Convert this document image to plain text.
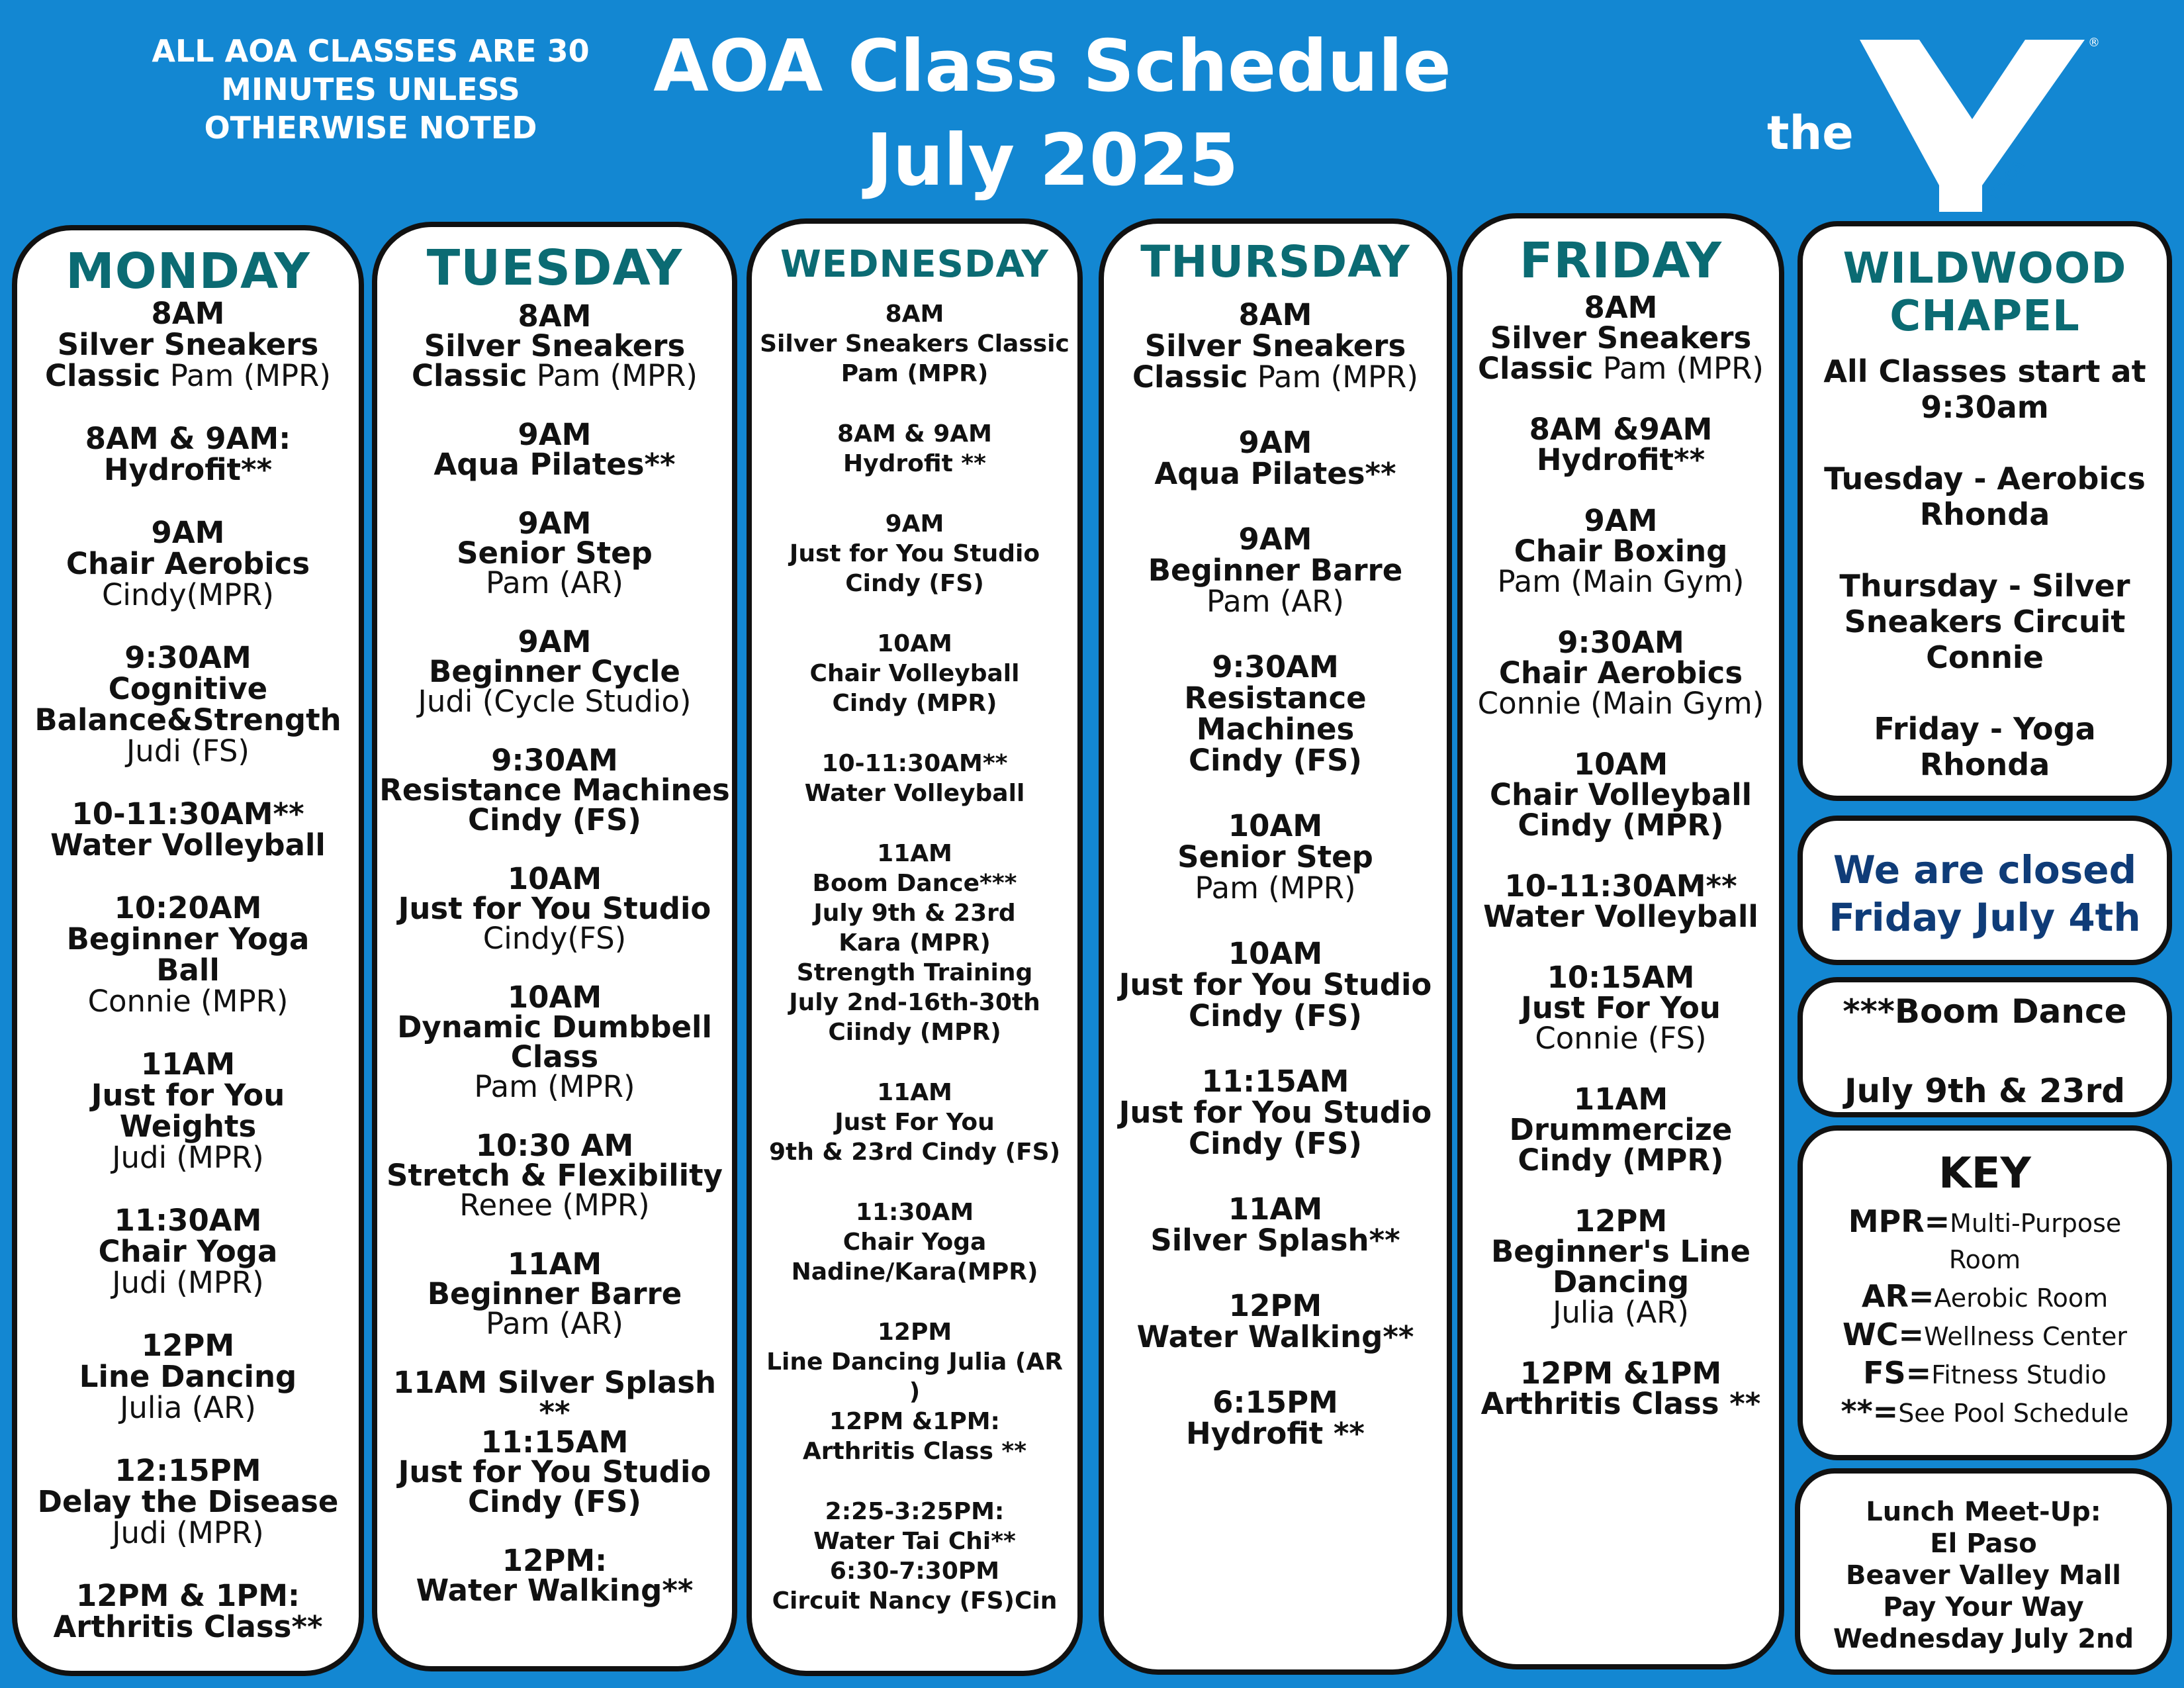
ALL AOA CLASSES ARE 30
MINUTES UNLESS
OTHERWISE NOTED
AOA Class Schedule
July 2025	the
®
YMCA
MONDAY
8AM
Silver Sneakers
Classic Pam (MPR)
8AM & 9AM:
Hydrofit**
9AM
Chair Aerobics
Cindy(MPR)
9:30AM
Cognitive
Balance&Strength
Judi (FS)
10-11:30AM**
Water Volleyball
10:20AM
Beginner Yoga
Ball
Connie (MPR)
11AM
Just for You
Weights
Judi (MPR)
11:30AM
Chair Yoga
Judi (MPR)
12PM
Line Dancing
Julia (AR)
12:15PM
Delay the Disease
Judi (MPR)
12PM & 1PM:
Arthritis Class**
TUESDAY
8AM
Silver Sneakers
Classic Pam (MPR)
9AM
Aqua Pilates**
9AM
Senior Step
Pam (AR)
9AM
Beginner Cycle
Judi (Cycle Studio)
9:30AM
Resistance Machines
Cindy (FS)
10AM
Just for You Studio
Cindy(FS)
10AM
Dynamic Dumbbell
Class
Pam (MPR)
10:30 AM
Stretch & Flexibility
Renee (MPR)
11AM
Beginner Barre
Pam (AR)
11AM Silver Splash
**
11:15AM
Just for You Studio
Cindy (FS)
12PM:
Water Walking**
WEDNESDAY
8AM
Silver Sneakers Classic
Pam (MPR)
8AM & 9AM
Hydrofit **
9AM
Just for You Studio
Cindy (FS)
10AM
Chair Volleyball
Cindy (MPR)
10-11:30AM**
Water Volleyball
11AM
Boom Dance***
July 9th & 23rd
Kara (MPR)
Strength Training
July 2nd-16th-30th
Ciindy (MPR)
11AM
Just For You
9th & 23rd Cindy (FS)
11:30AM
Chair Yoga
Nadine/Kara(MPR)
12PM
Line Dancing Julia (AR
)
12PM &1PM:
Arthritis Class **
2:25-3:25PM:
Water Tai Chi**
6:30-7:30PM
Circuit Nancy (FS)Cin
THURSDAY
8AM
Silver Sneakers
Classic Pam (MPR)
9AM
Aqua Pilates**
9AM
Beginner Barre
Pam (AR)
9:30AM
Resistance
Machines
Cindy (FS)
10AM
Senior Step
Pam (MPR)
10AM
Just for You Studio
Cindy (FS)
11:15AM
Just for You Studio
Cindy (FS)
11AM
Silver Splash**
12PM
Water Walking**
6:15PM
Hydrofit **
FRIDAY
8AM
Silver Sneakers
Classic Pam (MPR)
8AM &9AM
Hydrofit**
9AM
Chair Boxing
Pam (Main Gym)
9:30AM
Chair Aerobics
Connie (Main Gym)
10AM
Chair Volleyball
Cindy (MPR)
10-11:30AM**
Water Volleyball
10:15AM
Just For You
Connie (FS)
11AM
Drummercize
Cindy (MPR)
12PM
Beginner's Line
Dancing
Julia (AR)
12PM &1PM
Arthritis Class **
WILDWOOD
CHAPEL

All Classes start at
9:30am

Tuesday - Aerobics
Rhonda

Thursday - Silver
Sneakers Circuit
Connie

Friday - Yoga
Rhonda

We are closed
Friday July 4th
***Boom Dance
July 9th & 23rd
KEY
MPR=Multi-Purpose
Room
AR=Aerobic Room
WC=Wellness Center
FS=Fitness Studio
**=See Pool Schedule
Lunch Meet-Up:
El Paso
Beaver Valley Mall
Pay Your Way
Wednesday July 2nd
